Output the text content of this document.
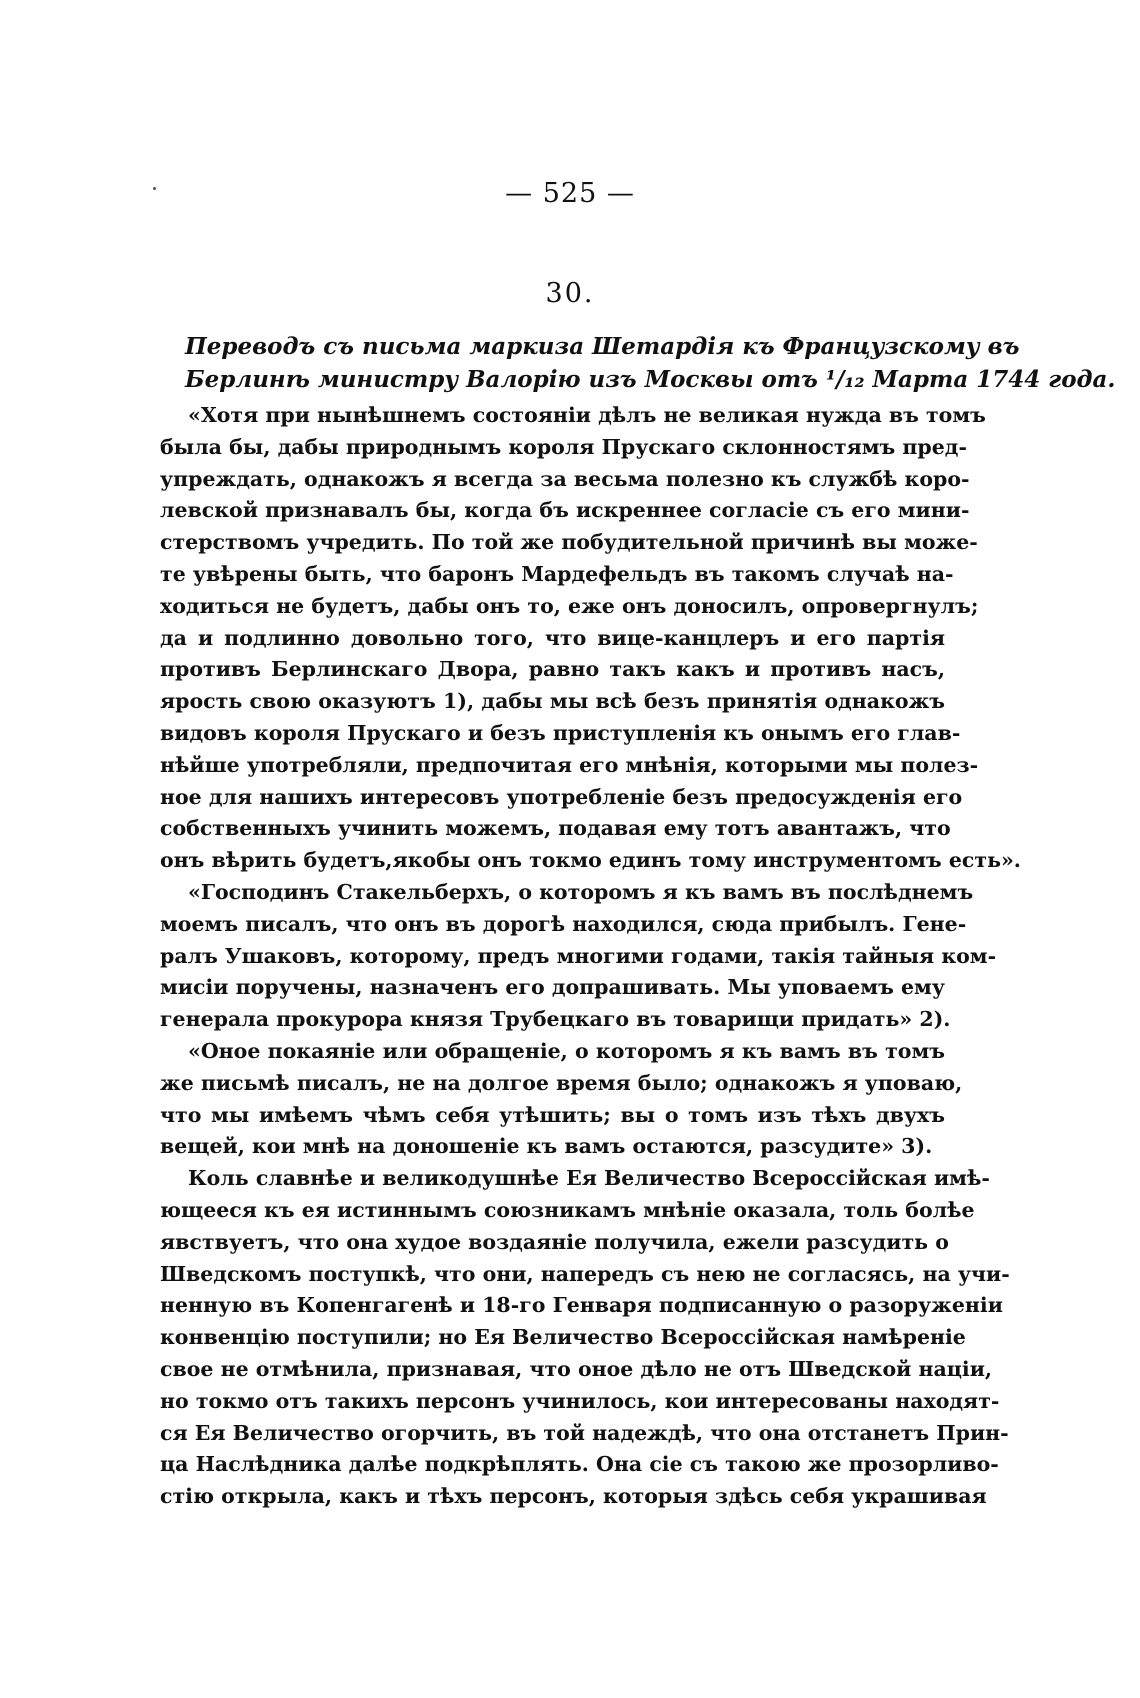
— 525 —
30.
Переводъ съ письма маркиза Шетардія къ Французскому въ
Берлинѣ министру Валорію изъ Москвы отъ ¹/₁₂ Марта 1744 года.
«Хотя при нынѣшнемъ состояніи дѣлъ не великая нужда въ томъ
была бы, дабы природнымъ короля Прускаго склонностямъ пред-
упреждать, однакожъ я всегда за весьма полезно къ службѣ коро-
левской признавалъ бы, когда бъ искреннее согласіе съ его мини-
стерствомъ учредить. По той же побудительной причинѣ вы може-
те увѣрены быть, что баронъ Мардефельдъ въ такомъ случаѣ на-
ходиться не будетъ, дабы онъ то, еже онъ доносилъ, опровергнулъ;
да и подлинно довольно того, что вице-канцлеръ и его партія
противъ Берлинскаго Двора, равно такъ какъ и противъ насъ,
ярость свою оказуютъ 1), дабы мы всѣ безъ принятія однакожъ
видовъ короля Прускаго и безъ приступленія къ онымъ его глав-
нѣйше употребляли, предпочитая его мнѣнія, которыми мы полез-
ное для нашихъ интересовъ употребленіе безъ предосужденія его
собственныхъ учинить можемъ, подавая ему тотъ авантажъ, что
онъ вѣрить будетъ,якобы онъ токмо единъ тому инструментомъ есть».
«Господинъ Стакельберхъ, о которомъ я къ вамъ въ послѣднемъ
моемъ писалъ, что онъ въ дорогѣ находился, сюда прибылъ. Гене-
ралъ Ушаковъ, которому, предъ многими годами, такія тайныя ком-
мисіи поручены, назначенъ его допрашивать. Мы уповаемъ ему
генерала прокурора князя Трубецкаго въ товарищи придать» 2).
«Оное покаяніе или обращеніе, о которомъ я къ вамъ въ томъ
же письмѣ писалъ, не на долгое время было; однакожъ я уповаю,
что мы имѣемъ чѣмъ себя утѣшить; вы о томъ изъ тѣхъ двухъ
вещей, кои мнѣ на доношеніе къ вамъ остаются, разсудите» 3).
Коль славнѣе и великодушнѣе Ея Величество Всероссійская имѣ-
ющееся къ ея истиннымъ союзникамъ мнѣніе оказала, толь болѣе
явствуетъ, что она худое воздаяніе получила, ежели разсудить о
Шведскомъ поступкѣ, что они, напередъ съ нею не согласясь, на учи-
ненную въ Копенгагенѣ и 18-го Генваря подписанную о разоруженіи
конвенцію поступили; но Ея Величество Всероссійская намѣреніе
свое не отмѣнила, признавая, что оное дѣло не отъ Шведской націи,
но токмо отъ такихъ персонъ учинилось, кои интересованы находят-
ся Ея Величество огорчить, въ той надеждѣ, что она отстанетъ Прин-
ца Наслѣдника далѣе подкрѣплять. Она сіе съ такою же прозорливо-
стію открыла, какъ и тѣхъ персонъ, которыя здѣсь себя украшивая
